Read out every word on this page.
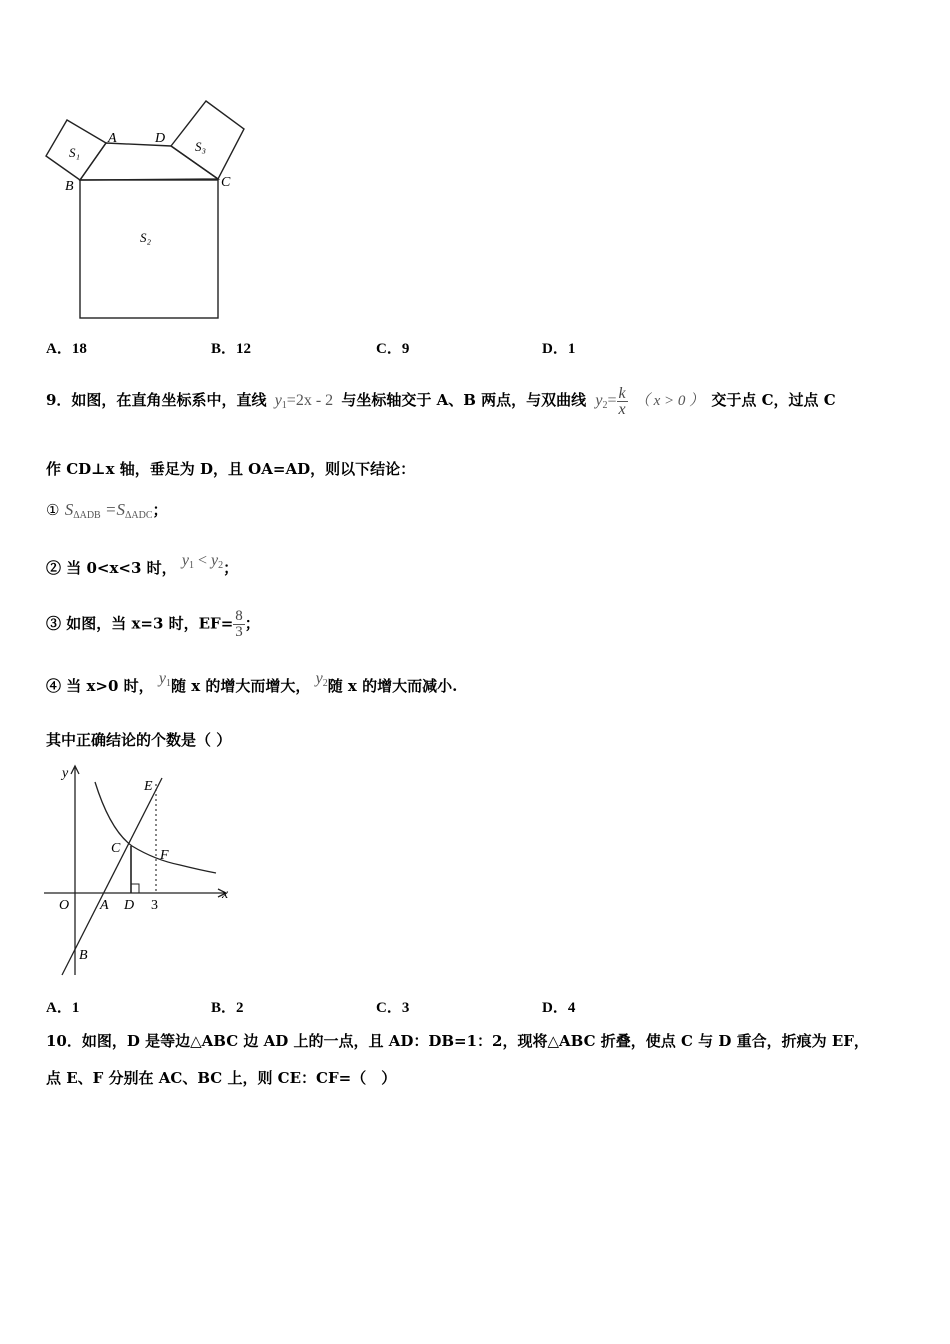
S₁	S₃
S₂
A	D
B	C
A．18	B．12	C．9	D．1
9．如图，在直角坐标系中，直线 $y_1=2x - 2$ 与坐标轴交于 A、B 两点，与双曲线 $y_2= \frac{k}{x}$ （ x > 0 ） 交于点 C，过点 C
作 CD⊥x 轴，垂足为 D，且 OA=AD，则以下结论：
① $S_{\Delta ADB} =S_{\Delta ADC}$；
② 当 0<x<3 时， $y_1 < y_2$；
③ 如图，当 x=3 时，$EF= \frac{8}{3}$ ；
④ 当 x>0 时， $y_1$随 x 的增大而增大， $y_2$随 x 的增大而减小.
其中正确结论的个数是（ ）
y
x
O A D 3
B
C
E
F
A．1	B．2	C．3	D．4
10．如图，D 是等边△ABC 边 AD 上的一点，且 AD：DB=1：2，现将△ABC 折叠，使点 C 与 D 重合，折痕为 EF，
点 E、F 分别在 AC、BC 上，则 CE：CF=（　）
